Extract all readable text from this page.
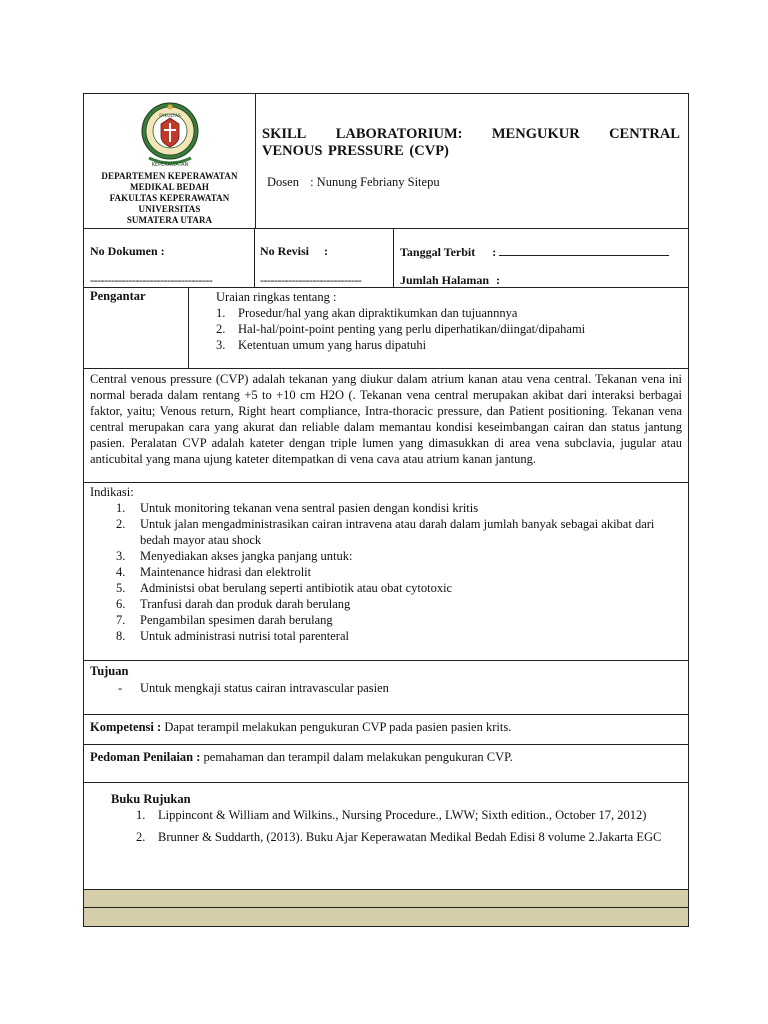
KEPERAWATAN
FAKULTAS
DEPARTEMEN KEPERAWATAN
MEDIKAL BEDAH
FAKULTAS KEPERAWATAN
UNIVERSITAS
SUMATERA UTARA
SKILL LABORATORIUM: MENGUKUR CENTRAL
VENOUS PRESSURE (CVP)
Dosen : Nunung Febriany Sitepu
No Dokumen :
-----------------------------------
No Revisi :
-----------------------------
Tanggal Terbit :
Jumlah Halaman :
Pengantar	Uraian ringkas tentang :
1.	Prosedur/hal yang akan dipraktikumkan dan tujuannnya
2.	Hal-hal/point-point penting yang perlu diperhatikan/diingat/dipahami
3.	Ketentuan umum yang harus dipatuhi
Central venous pressure (CVP) adalah tekanan yang diukur dalam atrium kanan atau vena central. Tekanan vena ini normal berada dalam rentang +5 to +10 cm H2O (. Tekanan vena central merupakan akibat dari interaksi berbagai faktor, yaitu; Venous return, Right heart compliance, Intra-thoracic pressure, dan Patient positioning. Tekanan vena central merupakan cara yang akurat dan reliable dalam memantau kondisi keseimbangan cairan dan status jantung pasien. Peralatan CVP adalah kateter dengan triple lumen yang dimasukkan di area vena subclavia, jugular atau anticubital yang mana ujung kateter ditempatkan di vena cava atau atrium kanan jantung.
Indikasi:
1.	Untuk monitoring tekanan vena sentral pasien dengan kondisi kritis
2.	Untuk jalan mengadministrasikan cairan intravena atau darah dalam jumlah banyak sebagai akibat dari bedah mayor atau shock
3.	Menyediakan akses jangka panjang untuk:
4.	Maintenance hidrasi dan elektrolit
5.	Administsi obat berulang seperti antibiotik atau obat cytotoxic
6.	Tranfusi darah dan produk darah berulang
7.	Pengambilan spesimen darah berulang
8.	Untuk administrasi nutrisi total parenteral
Tujuan
-	Untuk mengkaji status cairan intravascular pasien
Kompetensi : Dapat terampil melakukan pengukuran CVP pada pasien pasien krits.
Pedoman Penilaian : pemahaman dan terampil dalam melakukan pengukuran CVP.
Buku Rujukan
1.	Lippincont & William and Wilkins., Nursing Procedure., LWW; Sixth edition., October 17, 2012)
2.	Brunner & Suddarth, (2013). Buku Ajar Keperawatan Medikal Bedah Edisi 8 volume 2.Jakarta EGC
